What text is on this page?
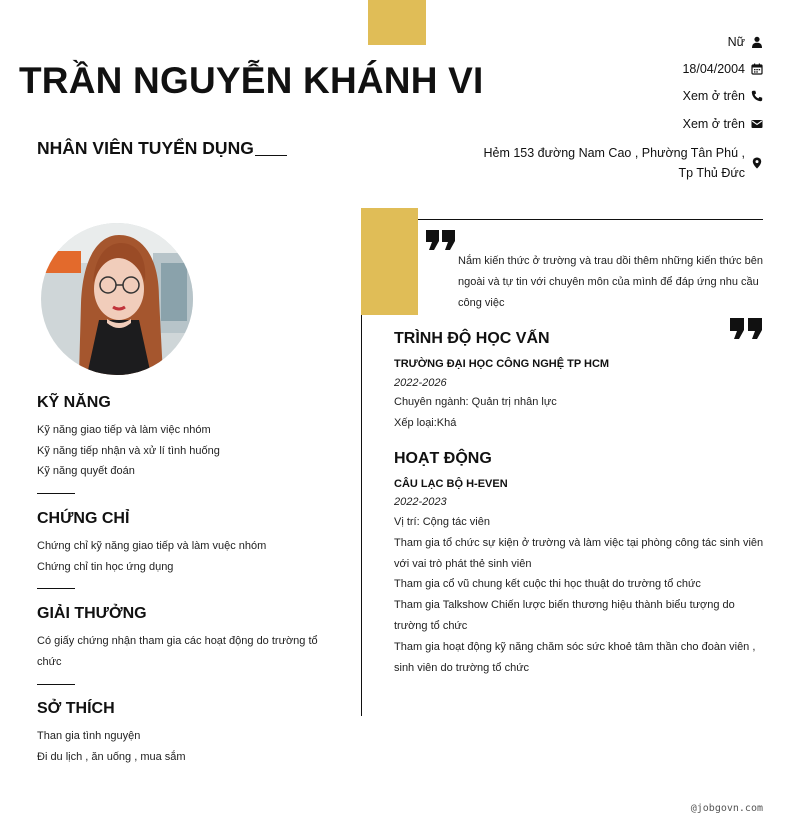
TRẦN NGUYỄN KHÁNH VI
NHÂN VIÊN TUYỂN DỤNG
Nữ
18/04/2004
Xem ở trên
Xem ở trên
Hẻm 153 đường Nam Cao , Phường Tân Phú ,
Tp Thủ Đức
Nắm kiến thức ở trường và trau dồi thêm những kiến thức bên ngoài và tự tin với chuyên môn của mình để đáp ứng nhu cầu công việc
KỸ NĂNG
Kỹ năng giao tiếp và làm việc nhóm
Kỹ năng tiếp nhận và xử lí tình huống
Kỹ năng quyết đoán
CHỨNG CHỈ
Chứng chỉ kỹ năng giao tiếp và làm vuệc nhóm
Chứng chỉ tin học ứng dụng
GIẢI THƯỞNG
Có giấy chứng nhận tham gia các hoạt động do trường tổ chức
SỞ THÍCH
Than gia tình nguyện
Đi du lịch , ăn uống , mua sắm
TRÌNH ĐỘ HỌC VẤN
TRƯỜNG ĐẠI HỌC CÔNG NGHỆ TP HCM
2022-2026
Chuyên ngành: Quản trị nhân lực
Xếp loại:Khá
HOẠT ĐỘNG
CÂU LẠC BỘ H-EVEN
2022-2023
Vị trí: Cộng tác viên
Tham gia tổ chức sự kiện ở trường và làm việc tại phòng công tác sinh viên với vai trò phát thẻ sinh viên
Tham gia cổ vũ chung kết cuộc thi học thuật do trường tổ chức
Tham gia Talkshow Chiến lược biến thương hiệu thành biểu tượng do trường tổ chức
Tham gia hoạt động kỹ năng chăm sóc sức khoẻ tâm thần cho đoàn viên , sinh viên do trường tổ chức
@jobgovn.com
